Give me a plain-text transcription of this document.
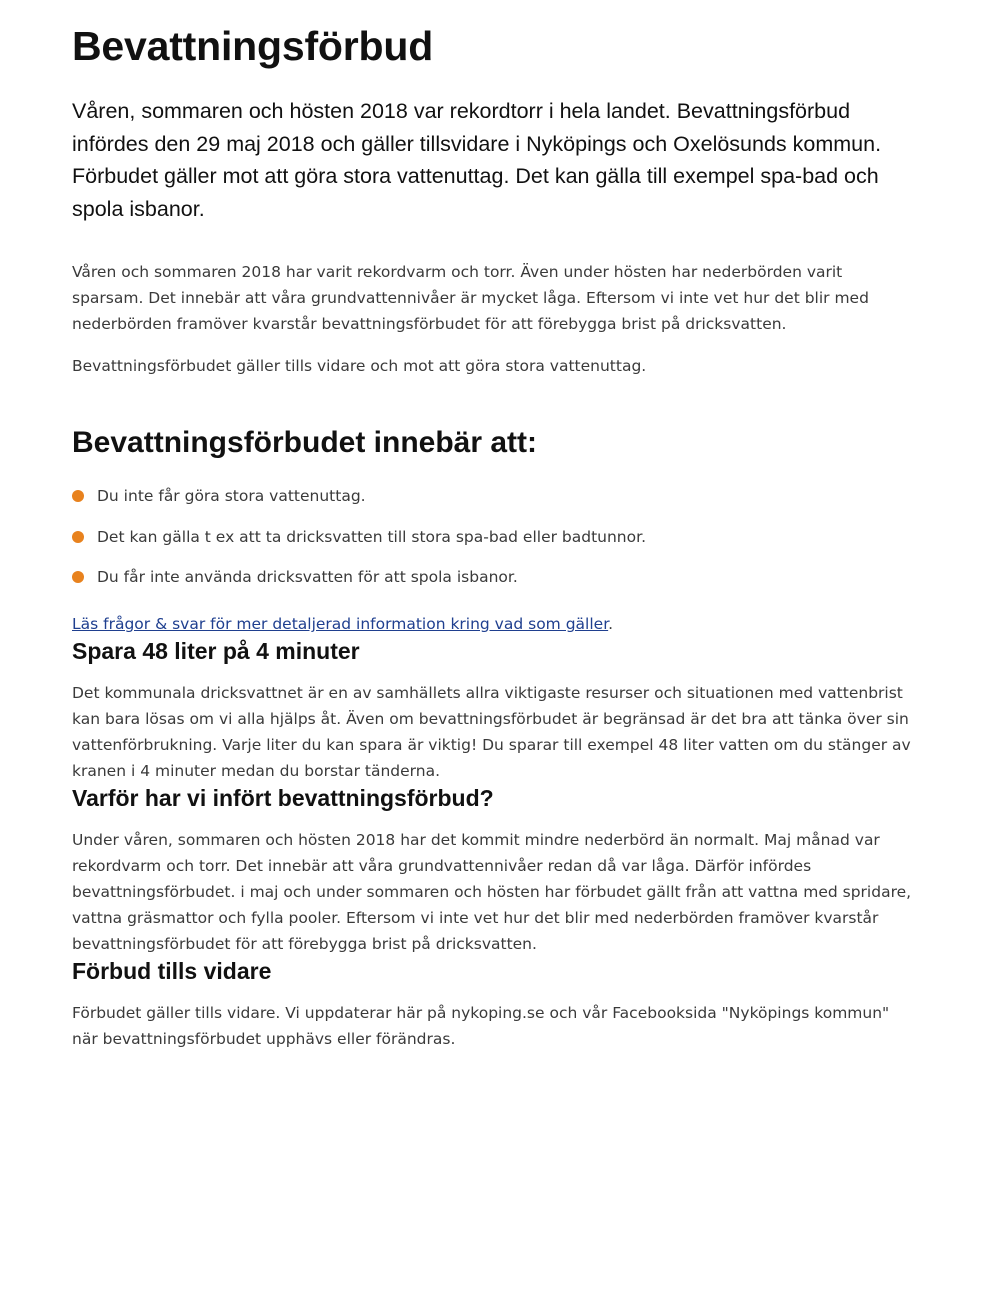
Bevattningsförbud

Våren, sommaren och hösten 2018 var rekordtorr i hela landet. Bevattningsförbud infördes den 29 maj 2018 och gäller tillsvidare i Nyköpings och Oxelösunds kommun. Förbudet gäller mot att göra stora vattenuttag. Det kan gälla till exempel spa-bad och spola isbanor.

Våren och sommaren 2018 har varit rekordvarm och torr. Även under hösten har nederbörden varit sparsam. Det innebär att våra grundvattennivåer är mycket låga. Eftersom vi inte vet hur det blir med nederbörden framöver kvarstår bevattningsförbudet för att förebygga brist på dricksvatten.

Bevattningsförbudet gäller tills vidare och mot att göra stora vattenuttag.

Bevattningsförbudet innebär att:
Du inte får göra stora vattenuttag.
Det kan gälla t ex att ta dricksvatten till stora spa-bad eller badtunnor.
Du får inte använda dricksvatten för att spola isbanor.

Läs frågor & svar för mer detaljerad information kring vad som gäller.

Spara 48 liter på 4 minuter

Det kommunala dricksvattnet är en av samhällets allra viktigaste resurser och situationen med vattenbrist kan bara lösas om vi alla hjälps åt. Även om bevattningsförbudet är begränsad är det bra att tänka över sin vattenförbrukning. Varje liter du kan spara är viktig! Du sparar till exempel 48 liter vatten om du stänger av kranen i 4 minuter medan du borstar tänderna.

Varför har vi infört bevattningsförbud?

Under våren, sommaren och hösten 2018 har det kommit mindre nederbörd än normalt. Maj månad var rekordvarm och torr. Det innebär att våra grundvattennivåer redan då var låga. Därför infördes bevattningsförbudet. i maj och under sommaren och hösten har förbudet gällt från att vattna med spridare, vattna gräsmattor och fylla pooler. Eftersom vi inte vet hur det blir med nederbörden framöver kvarstår bevattningsförbudet för att förebygga brist på dricksvatten.

Förbud tills vidare

Förbudet gäller tills vidare. Vi uppdaterar här på nykoping.se och vår Facebooksida "Nyköpings kommun" när bevattningsförbudet upphävs eller förändras.
